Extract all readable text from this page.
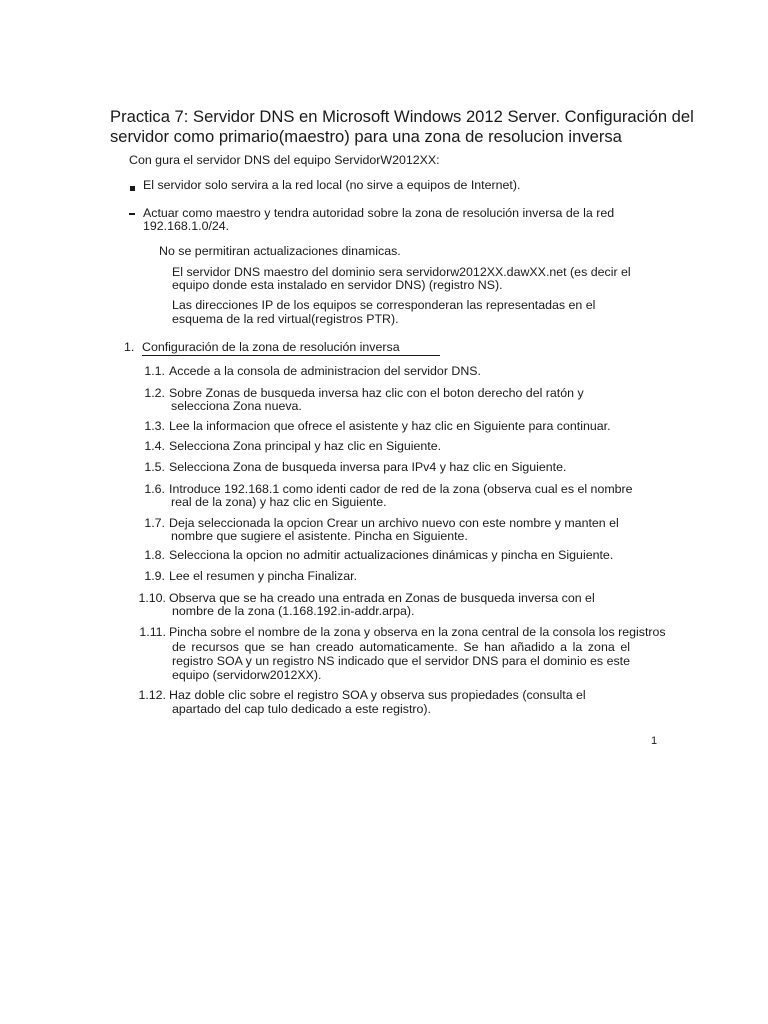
Practica 7: Servidor DNS en Microsoft Windows 2012 Server. Configuración del servidor como primario(maestro) para una zona de resolucion inversa
Con gura el servidor DNS del equipo ServidorW2012XX:
El servidor solo servira a la red local (no sirve a equipos de Internet).
Actuar como maestro y tendra autoridad sobre la zona de resolución inversa de la red
192.168.1.0/24.
No se permitiran actualizaciones dinamicas.
El servidor DNS maestro del dominio sera servidorw2012XX.dawXX.net (es decir el
equipo donde esta instalado en servidor DNS) (registro NS).
Las direcciones IP de los equipos se corresponderan las representadas en el
esquema de la red virtual(registros PTR).
1. Configuración de la zona de resolución inversa
1.1. Accede a la consola de administracion del servidor DNS.
1.2. Sobre Zonas de busqueda inversa haz clic con el boton derecho del ratón y
selecciona Zona nueva.
1.3. Lee la informacion que ofrece el asistente y haz clic en Siguiente para continuar.
1.4. Selecciona Zona principal y haz clic en Siguiente.
1.5. Selecciona Zona de busqueda inversa para IPv4 y haz clic en Siguiente.
1.6. Introduce 192.168.1 como identi cador de red de la zona (observa cual es el nombre
real de la zona) y haz clic en Siguiente.
1.7. Deja seleccionada la opcion Crear un archivo nuevo con este nombre y manten el
nombre que sugiere el asistente. Pincha en Siguiente.
1.8. Selecciona la opcion no admitir actualizaciones dinámicas y pincha en Siguiente.
1.9. Lee el resumen y pincha Finalizar.
1.10. Observa que se ha creado una entrada en Zonas de busqueda inversa con el
nombre de la zona (1.168.192.in-addr.arpa).
1.11. Pincha sobre el nombre de la zona y observa en la zona central de la consola los registros
de recursos que se han creado automaticamente. Se han añadido a la zona el
registro SOA y un registro NS indicado que el servidor DNS para el dominio es este
equipo (servidorw2012XX).
1.12. Haz doble clic sobre el registro SOA y observa sus propiedades (consulta el
apartado del cap tulo dedicado a este registro).
1
